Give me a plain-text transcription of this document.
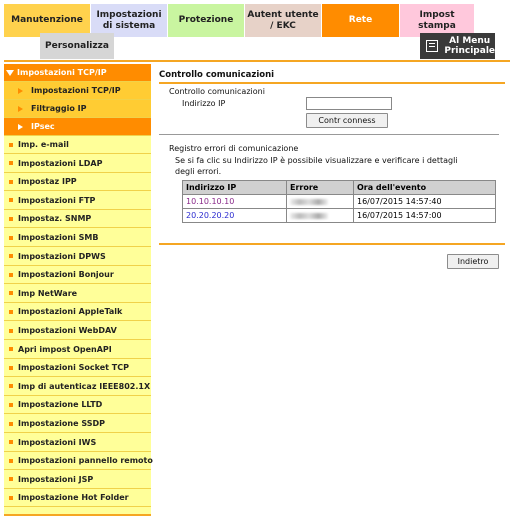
Manutenzione
Impostazioni di sistema
Protezione
Autent utente / EKC
Rete
Impost stampa
Personalizza	Al Menu Principale
Impostazioni TCP/IP
Impostazioni TCP/IP
Filtraggio IP
IPsec
Imp. e-mail
Impostazioni LDAP
Impostaz IPP
Impostazioni FTP
Impostaz. SNMP
Impostazioni SMB
Impostazioni DPWS
Impostazioni Bonjour
Imp NetWare
Impostazioni AppleTalk
Impostazioni WebDAV
Apri impost OpenAPI
Impostazioni Socket TCP
Imp di autenticaz IEEE802.1X
Impostazione LLTD
Impostazione SSDP
Impostazioni IWS
Impostazioni pannello remoto
Impostazioni JSP
Impostazione Hot Folder
Controllo comunicazioni
Controllo comunicazioni
Indirizzo IP
Contr conness
Registro errori di comunicazione
Se si fa clic su Indirizzo IP è possibile visualizzare e verificare i dettagli degli errori.
Indirizzo IP	Errore	Ora dell'evento
10.10.10.10		16/07/2015 14:57:40
20.20.20.20		16/07/2015 14:57:00
Indietro
